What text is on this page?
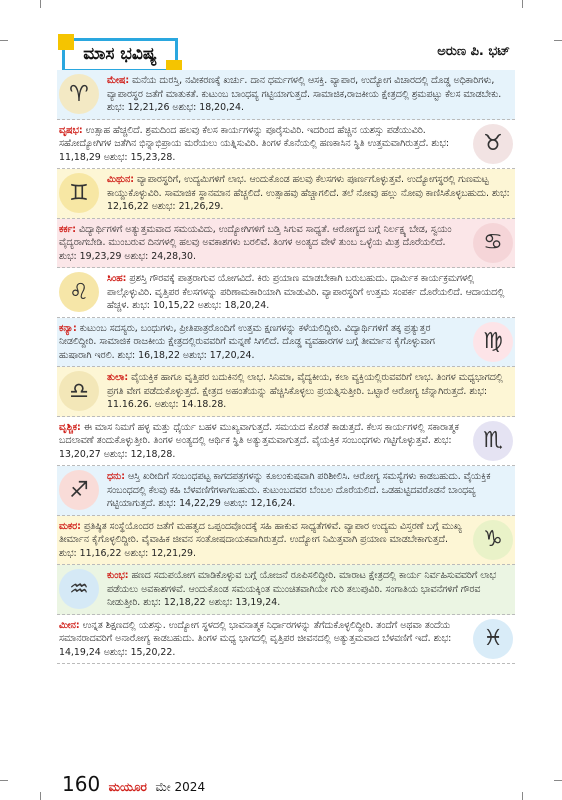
ಮಾಸ ಭವಿಷ್ಯ	ಅರುಣ ಪಿ. ಭಟ್
♈
ಮೇಷ: ಮನೆಯ ದುರಸ್ತಿ, ನವೀಕರಣಕ್ಕೆ ಖರ್ಚು. ದಾನ ಧರ್ಮಗಳಲ್ಲಿ ಆಸಕ್ತಿ. ವ್ಯಾಪಾರ, ಉದ್ಯೋಗ ವಿಚಾರದಲ್ಲಿ ದೊಡ್ಡ ಅಧಿಕಾರಿಗಳು, ವ್ಯಾಪಾರಸ್ಥರ ಜತೆಗೆ ಮಾತುಕತೆ. ಕುಟುಂಬ ಬಾಂಧವ್ಯ ಗಟ್ಟಿಯಾಗುತ್ತದೆ. ಸಾಮಾಜಿಕ,ರಾಜಕೀಯ ಕ್ಷೇತ್ರದಲ್ಲಿ ಶ್ರಮಪಟ್ಟು ಕೆಲಸ ಮಾಡಬೇಕು. ಶುಭ: 12,21,26 ಅಶುಭ: 18,20,24.
ವೃಷಭ: ಉತ್ಸಾಹ ಹೆಚ್ಚಲಿದೆ. ಶ್ರಮದಿಂದ ಹಲವು ಕೆಲಸ ಕಾರ್ಯಗಳನ್ನು ಪೂರೈಸುವಿರಿ. ಇದರಿಂದ ಹೆಚ್ಚಿನ ಯಶಸ್ಸು ಪಡೆಯುವಿರಿ. ಸಹೋದ್ಯೋಗಿಗಳ ಜತೆಗಿನ ಭಿನ್ನಾಭಿಪ್ರಾಯ ಮರೆಯಲು ಯತ್ನಿಸುವಿರಿ. ತಿಂಗಳ ಕೊನೆಯಲ್ಲಿ ಹಣಕಾಸಿನ ಸ್ಥಿತಿ ಉತ್ತಮವಾಗಿರುತ್ತದೆ. ಶುಭ: 11,18,29 ಅಶುಭ: 15,23,28.
♉
♊
ಮಿಥುನ: ವ್ಯಾಪಾರಸ್ಥರಿಗೆ, ಉದ್ಯಮಿಗಳಿಗೆ ಲಾಭ. ಆಂದುಕೊಂಡ ಹಲವು ಕೆಲಸಗಳು ಪೂರ್ಣಗೊಳ್ಳುತ್ತವೆ. ಉದ್ಯೋಗಸ್ಥರಲ್ಲಿ ಗುಣಮಟ್ಟ ಕಾಯ್ದುಕೊಳ್ಳುವಿರಿ. ಸಾಮಾಜಿಕ ಸ್ಥಾನಮಾನ ಹೆಚ್ಚಲಿದೆ. ಉತ್ಸಾಹವು ಹೆಚ್ಚಾಗಲಿದೆ. ತಲೆ ನೋವು ಹಲ್ಲು ನೋವು ಕಾಣಿಸಿಕೊಳ್ಳಬಹುದು. ಶುಭ: 12,16,22 ಅಶುಭ: 21,26,29.
ಕರ್ಕ: ವಿದ್ಯಾರ್ಥಿಗಳಿಗೆ ಅತ್ಯುತ್ತಮವಾದ ಸಮಯವಿದು, ಉದ್ಯೋಗಿಗಳಿಗೆ ಬಡ್ತಿ ಸಿಗುವ ಸಾಧ್ಯತೆ. ಆರೋಗ್ಯದ ಬಗ್ಗೆ ನಿರ್ಲಕ್ಷ್ಯ ಬೇಡ, ಸ್ವಯಂ ವೈದ್ಯರಾಗಬೇಡಿ. ಮುಂಬರುವ ದಿನಗಳಲ್ಲಿ ಹಲವು ಅವಕಾಶಗಳು ಬರಲಿವೆ. ತಿಂಗಳ ಅಂತ್ಯದ ವೇಳೆ ತುಂಬ ಒಳ್ಳೆಯ ಮಿತ್ರ ದೊರೆಯಲಿದೆ. ಶುಭ: 19,23,29 ಅಶುಭ: 24,28,30.
♋
♌
ಸಿಂಹ: ಪ್ರಶಸ್ತಿ ಗೌರವಕ್ಕೆ ಪಾತ್ರರಾಗುವ ಯೋಗವಿದೆ. ಕಿರು ಪ್ರಯಾಣ ಮಾಡಬೇಕಾಗಿ ಬರುಬಹುದು. ಧಾರ್ಮಿಕ ಕಾರ್ಯಕ್ರಮಗಳಲ್ಲಿ ಪಾಲ್ಗೊಳ್ಳುವಿರಿ. ವೃತ್ತಿಪರ ಕೆಲಸಗಳನ್ನು ಪರಿಣಾಮಕಾರಿಯಾಗಿ ಮಾಡುವಿರಿ. ವ್ಯಾಪಾರಸ್ಥರಿಗೆ ಉತ್ತಮ ಸಂಪರ್ಕ ದೊರೆಯಲಿದೆ. ಆದಾಯದಲ್ಲಿ ಹೆಚ್ಚಳ. ಶುಭ: 10,15,22 ಅಶುಭ: 18,20,24.
ಕನ್ಯಾ: ಕುಟುಂಬ ಸದಸ್ಯರು, ಬಂಧುಗಳು, ಪ್ರೀತಿಪಾತ್ರರೊಂದಿಗೆ ಉತ್ತಮ ಕ್ಷಣಗಳನ್ನು ಕಳೆಯಲಿದ್ದೀರಿ. ವಿದ್ಯಾರ್ಥಿಗಳಿಗೆ ತಕ್ಕ ಪ್ರತ್ಯುತ್ತರ ನೀಡಲಿದ್ದೀರಿ. ಸಾಮಾಜಿಕ ರಾಜಕೀಯ ಕ್ಷೇತ್ರದಲ್ಲಿರುವವರಿಗೆ ಮನ್ನಣೆ ಸಿಗಲಿದೆ. ದೊಡ್ಡ ವ್ಯವಹಾರಗಳ ಬಗ್ಗೆ ತೀರ್ಮಾನ ಕೈಗೊಳ್ಳುವಾಗ ಹುಷಾರಾಗಿ ಇರಲಿ. ಶುಭ: 16,18,22 ಅಶುಭ: 17,20,24.
♍
♎
ತುಲಾ: ವೈಯಕ್ತಿಕ ಹಾಗೂ ವೃತ್ತಿಪರ ಬದುಕಿನಲ್ಲಿ ಲಾಭ. ಸಿನಿಮಾ, ವೈದ್ಯಕೀಯ, ಕಲಾ ವ್ಯಕ್ತಿಯಲ್ಲಿರುವವರಿಗೆ ಲಾಭ. ತಿಂಗಳ ಮಧ್ಯಭಾಗದಲ್ಲಿ ಪ್ರಗತಿ ವೇಗ ಪಡೆದುಕೊಳ್ಳುತ್ತದೆ. ಕ್ಷೇತ್ರದ ಅಹಂತೆಯನ್ನು ಹೆಚ್ಚಿಸಿಕೊಳ್ಳಲು ಪ್ರಯತ್ನಿಸುತ್ತೀರಿ. ಒಟ್ಟಾರೆ ಆರೋಗ್ಯ ಚೆನ್ನಾಗಿರುತ್ತದೆ. ಶುಭ: 11.16.26. ಅಶುಭ: 14.18.28.
ವೃಶ್ಚಿಕ: ಈ ಮಾಸ ನಿಮಗೆ ಹಳ್ಳ ಮತ್ತು ಧೈರ್ಯ ಬಹಳ ಮುಖ್ಯವಾಗುತ್ತದೆ. ಸಮಯದ ಕೊರತೆ ಕಾಡುತ್ತದೆ. ಕೆಲಸ ಕಾರ್ಯಗಳಲ್ಲಿ ಸಕಾರಾತ್ಮಕ ಬದಲಾವಣೆ ತಂದುಕೊಳ್ಳುತ್ತೀರಿ. ತಿಂಗಳ ಅಂತ್ಯದಲ್ಲಿ ಆರ್ಥಿಕ ಸ್ಥಿತಿ ಅತ್ಯುತ್ತಮವಾಗುತ್ತದೆ. ವೈಯಕ್ತಿಕ ಸಂಬಂಧಗಳು ಗಟ್ಟಿಗೊಳ್ಳುತ್ತವೆ. ಶುಭ: 13,20,27 ಅಶುಭ: 12,18,28.
♏
♐
ಧನು: ಆಸ್ತಿ ಖರೀದಿಗೆ ಸಂಬಂಧಪಟ್ಟ ಕಾಗದಪತ್ರಗಳನ್ನು ಕೂಲಂಕುಷವಾಗಿ ಪರಿಶೀಲಿಸಿ. ಆರೋಗ್ಯ ಸಮಸ್ಯೆಗಳು ಕಾಡಬಹುದು. ವೈಯಕ್ತಿಕ ಸಂಬಂಧದಲ್ಲಿ ಕೆಲವು ಕಹಿ ಬೆಳವಣಿಗೆಗಳಾಗಬಹುದು. ಕುಟುಂಬದವರ ಬೆಂಬಲ ದೊರೆಯಲಿದೆ. ಒಡಹುಟ್ಟಿದವರೊಡನೆ ಬಾಂಧವ್ಯ ಗಟ್ಟಿಯಾಗುತ್ತದೆ. ಶುಭ: 14,22,29 ಅಶುಭ: 12,16,24.
ಮಕರ: ಪ್ರತಿಷ್ಠಿತ ಸಂಸ್ಥೆಯೊಂದರ ಜತೆಗೆ ಮಹತ್ವದ ಒಪ್ಪಂದವೊಂದಕ್ಕೆ ಸಹಿ ಹಾಕುವ ಸಾಧ್ಯತೆಗಳಿವೆ. ವ್ಯಾಪಾರ ಉದ್ಯಮ ವಿಸ್ತರಣೆ ಬಗ್ಗೆ ಮುಖ್ಯ ತೀರ್ಮಾನ ಕೈಗೊಳ್ಳಲಿದ್ದೀರಿ. ವೈವಾಹಿಕ ಜೀವನ ಸಂತೋಷದಾಯಕವಾಗಿರುತ್ತದೆ. ಉದ್ಯೋಗ ನಿಮಿತ್ತವಾಗಿ ಪ್ರಯಾಣ ಮಾಡಬೇಕಾಗುತ್ತದೆ. ಶುಭ: 11,16,22 ಅಶುಭ: 12,21,29.
♑
♒
ಕುಂಭ: ಹಣದ ಸದುಪಯೋಗ ಮಾಡಿಕೊಳ್ಳುವ ಬಗ್ಗೆ ಯೋಜನೆ ರೂಪಿಸಲಿದ್ದೀರಿ. ಮಾರಾಟ ಕ್ಷೇತ್ರದಲ್ಲಿ ಕಾರ್ಯ ನಿರ್ವಹಿಸುವವರಿಗೆ ಲಾಭ ಪಡೆಯಲು ಅವಕಾಶಗಳಿವೆ. ಆಂದುಕೊಂಡ ಸಮಯಕ್ಕಿಂತ ಮುಂಚಿತವಾಗಿಯೇ ಗುರಿ ತಲುಪುವಿರಿ. ಸಂಗಾತಿಯ ಭಾವನೆಗಳಿಗೆ ಗೌರವ ನೀಡುತ್ತೀರಿ. ಶುಭ: 12,18,22 ಅಶುಭ: 13,19,24.
ಮೀನ: ಉನ್ನತ ಶಿಕ್ಷಣದಲ್ಲಿ ಯಶಸ್ಸು. ಉದ್ಯೋಗ ಸ್ಥಳದಲ್ಲಿ ಭಾವನಾತ್ಮಕ ನಿರ್ಧಾರಗಳನ್ನು ತೆಗೆದುಕೊಳ್ಳಲಿದ್ದೀರಿ. ತಂದೆಗೆ ಅಥವಾ ತಂದೆಯ ಸಮಾನರಾದವರಿಗೆ ಅನಾರೋಗ್ಯ ಕಾಡಬಹುದು. ತಿಂಗಳ ಮಧ್ಯ ಭಾಗದಲ್ಲಿ ವೃತ್ತಿಪರ ಜೀವನದಲ್ಲಿ ಅತ್ಯುತ್ತಮವಾದ ಬೆಳವಣಿಗೆ ಇದೆ. ಶುಭ: 14,19,24 ಅಶುಭ: 15,20,22.
♓
160 ಮಯೂರ ಮೇ 2024
